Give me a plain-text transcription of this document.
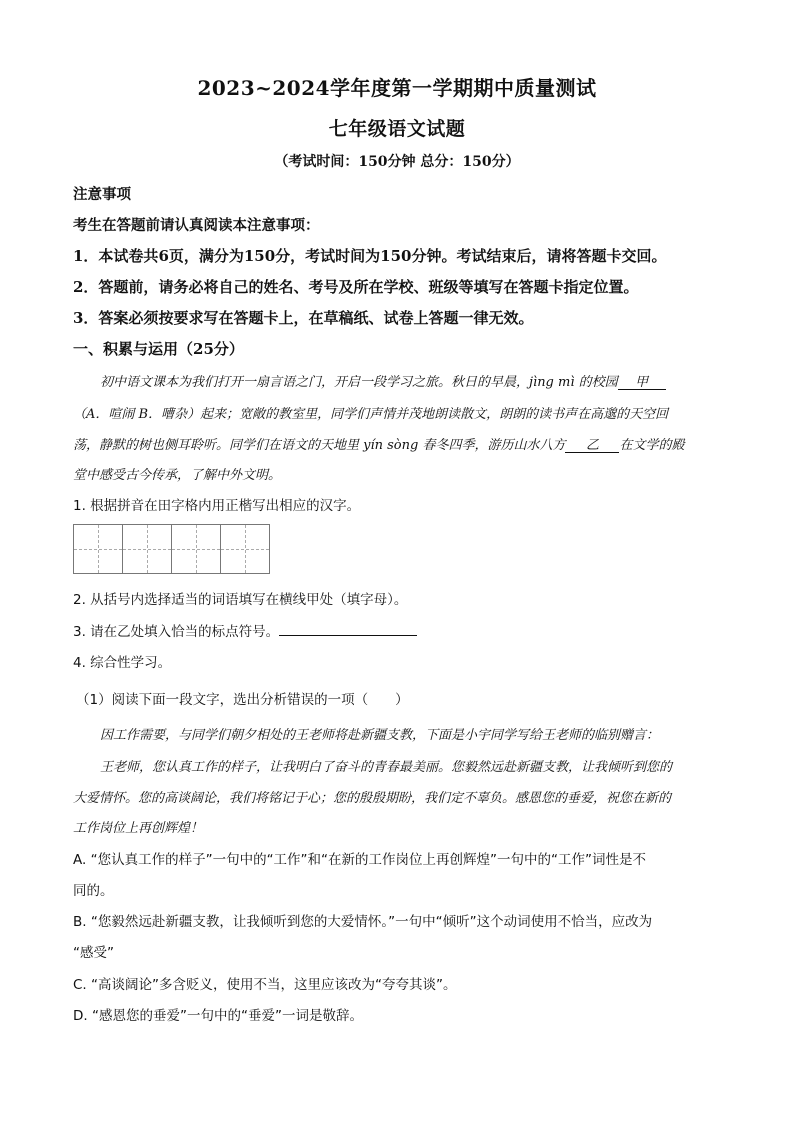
2023~2024学年度第一学期期中质量测试
七年级语文试题
（考试时间：150分钟 总分：150分）
注意事项
考生在答题前请认真阅读本注意事项：
1．本试卷共6页，满分为150分，考试时间为150分钟。考试结束后，请将答题卡交回。
2．答题前，请务必将自己的姓名、考号及所在学校、班级等填写在答题卡指定位置。
3．答案必须按要求写在答题卡上，在草稿纸、试卷上答题一律无效。
一、积累与运用（25分）
初中语文课本为我们打开一扇言语之门，开启一段学习之旅。秋日的早晨，jìng mì 的校园 甲
（A．喧闹 B．嘈杂）起来；宽敞的教室里，同学们声情并茂地朗读散文，朗朗的读书声在高邈的天空回
荡，静默的树也侧耳聆听。同学们在语文的天地里 yín sòng 春冬四季，游历山水八方 乙 在文学的殿
堂中感受古今传承，了解中外文明。
1. 根据拼音在田字格内用正楷写出相应的汉字。
2. 从括号内选择适当的词语填写在横线甲处（填字母）。
3. 请在乙处填入恰当的标点符号。
4. 综合性学习。
（1）阅读下面一段文字，选出分析错误的一项（　　）
因工作需要，与同学们朝夕相处的王老师将赴新疆支教，下面是小宇同学写给王老师的临别赠言：
王老师，您认真工作的样子，让我明白了奋斗的青春最美丽。您毅然远赴新疆支教，让我倾听到您的
大爱情怀。您的高谈阔论，我们将铭记于心；您的殷殷期盼，我们定不辜负。感恩您的垂爱，祝您在新的
工作岗位上再创辉煌！
A. “您认真工作的样子”一句中的“工作”和“在新的工作岗位上再创辉煌”一句中的“工作”词性是不
同的。
B. “您毅然远赴新疆支教，让我倾听到您的大爱情怀。”一句中“倾听”这个动词使用不恰当，应改为
“感受”
C. “高谈阔论”多含贬义，使用不当，这里应该改为“夸夸其谈”。
D. “感恩您的垂爱”一句中的“垂爱”一词是敬辞。
